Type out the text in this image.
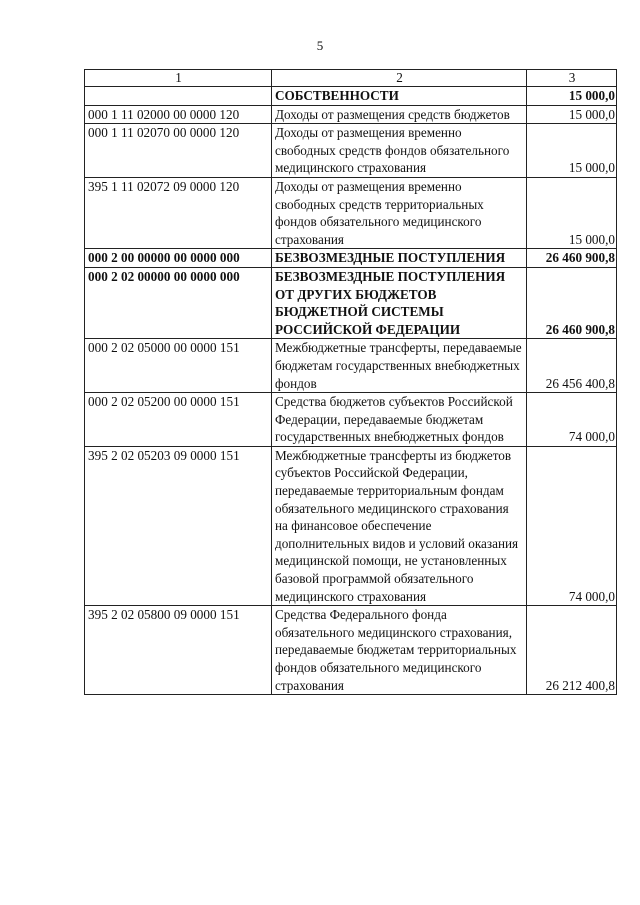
5
1	2	3
	СОБСТВЕННОСТИ	15 000,0
000 1 11 02000 00 0000 120	Доходы от размещения средств бюджетов	15 000,0
000 1 11 02070 00 0000 120	Доходы от размещения временно свободных средств фондов обязательного медицинского страхования	15 000,0
395 1 11 02072 09 0000 120	Доходы от размещения временно свободных средств территориальных фондов обязательного медицинского страхования	15 000,0
000 2 00 00000 00 0000 000	БЕЗВОЗМЕЗДНЫЕ ПОСТУПЛЕНИЯ	26 460 900,8
000 2 02 00000 00 0000 000	БЕЗВОЗМЕЗДНЫЕ ПОСТУПЛЕНИЯ ОТ ДРУГИХ БЮДЖЕТОВ БЮДЖЕТНОЙ СИСТЕМЫ РОССИЙСКОЙ ФЕДЕРАЦИИ	26 460 900,8
000 2 02 05000 00 0000 151	Межбюджетные трансферты, передаваемые бюджетам государственных внебюджетных фондов	26 456 400,8
000 2 02 05200 00 0000 151	Средства бюджетов субъектов Российской Федерации, передаваемые бюджетам государственных внебюджетных фондов	74 000,0
395 2 02 05203 09 0000 151	Межбюджетные трансферты из бюджетов субъектов Российской Федерации, передаваемые территориальным фондам обязательного медицинского страхования на финансовое обеспечение дополнительных видов и условий оказания медицинской помощи, не установленных базовой программой обязательного медицинского страхования	74 000,0
395 2 02 05800 09 0000 151	Средства Федерального фонда обязательного медицинского страхования, передаваемые бюджетам территориальных фондов обязательного медицинского страхования	26 212 400,8
